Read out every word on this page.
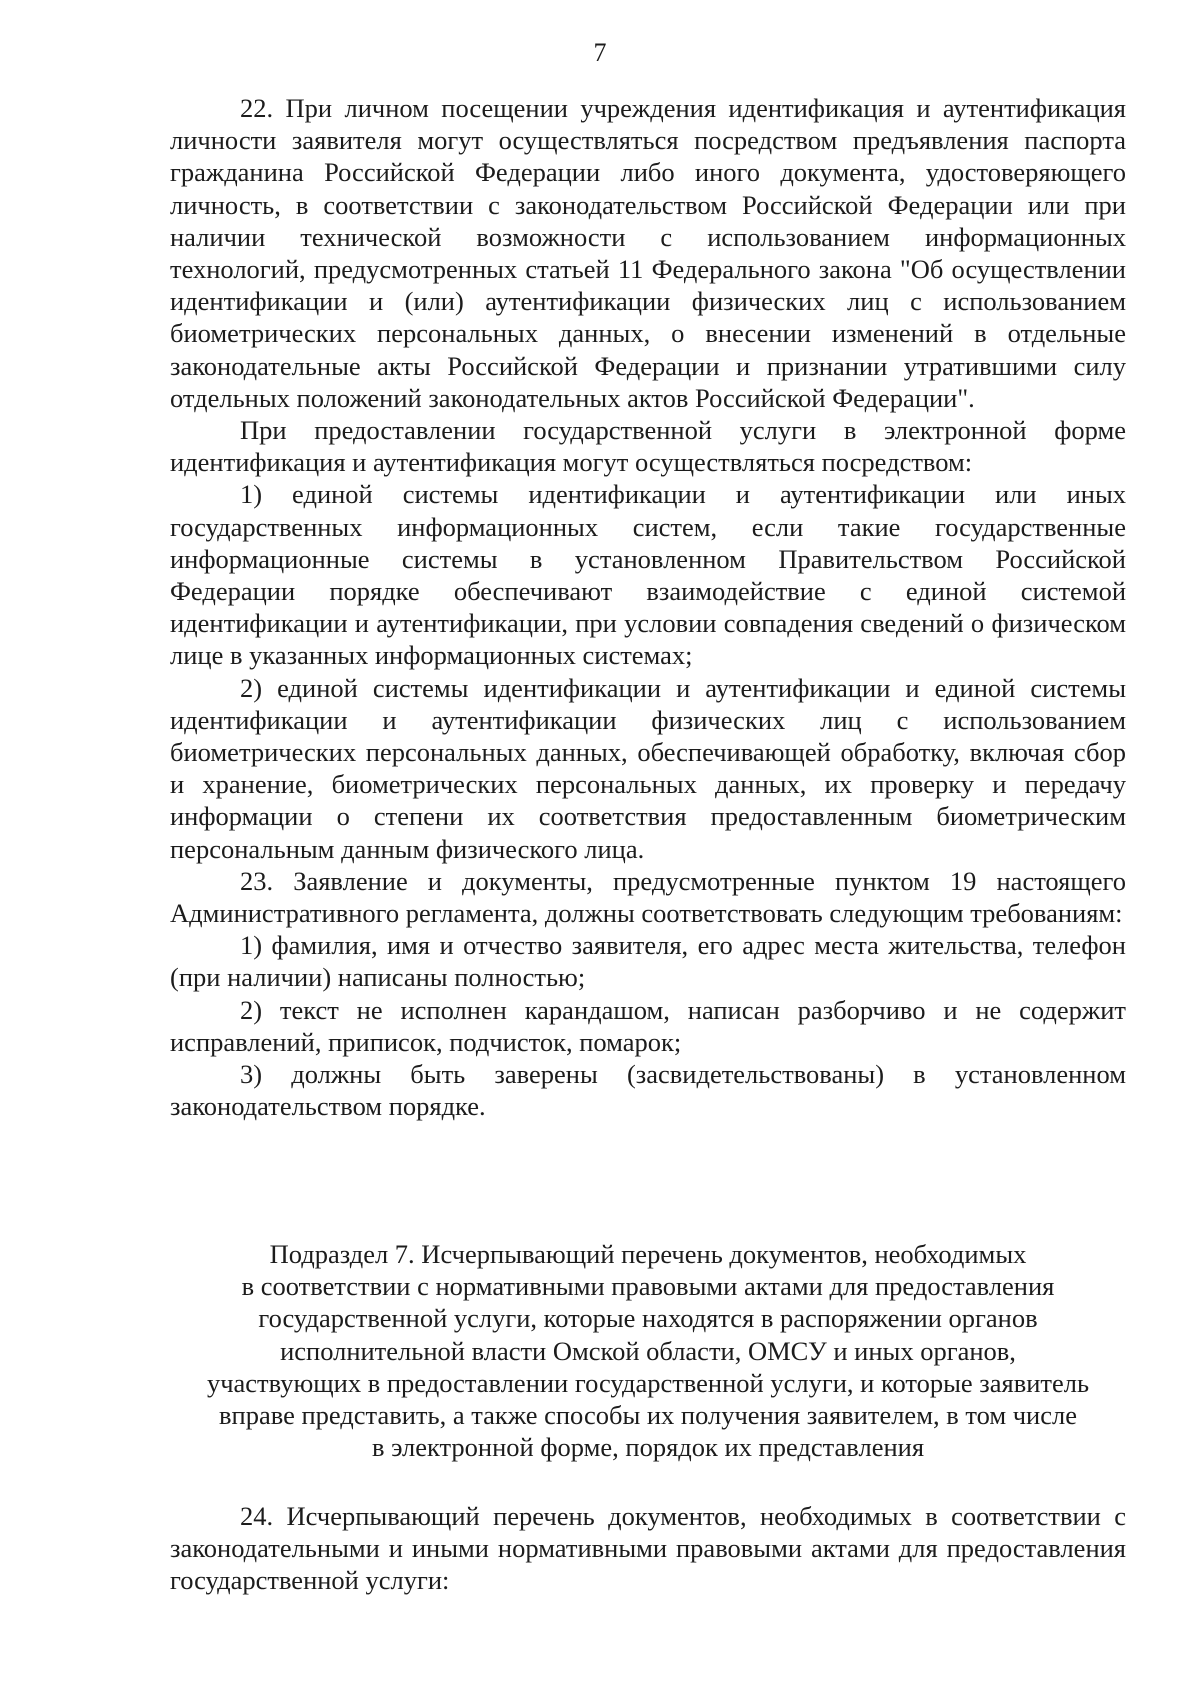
7

22. При личном посещении учреждения идентификация и аутентификация личности заявителя могут осуществляться посредством предъявления паспорта гражданина Российской Федерации либо иного документа, удостоверяющего личность, в соответствии с законодательством Российской Федерации или при наличии технической возможности с использованием информационных технологий, предусмотренных статьей 11 Федерального закона "Об осуществлении идентификации и (или) аутентификации физических лиц с использованием биометрических персональных данных, о внесении изменений в отдельные законодательные акты Российской Федерации и признании утратившими силу отдельных положений законодательных актов Российской Федерации".

При предоставлении государственной услуги в электронной форме идентификация и аутентификация могут осуществляться посредством:

1) единой системы идентификации и аутентификации или иных государственных информационных систем, если такие государственные информационные системы в установленном Правительством Российской Федерации порядке обеспечивают взаимодействие с единой системой идентификации и аутентификации, при условии совпадения сведений о физическом лице в указанных информационных системах;

2) единой системы идентификации и аутентификации и единой системы идентификации и аутентификации физических лиц с использованием биометрических персональных данных, обеспечивающей обработку, включая сбор и хранение, биометрических персональных данных, их проверку и передачу информации о степени их соответствия предоставленным биометрическим персональным данным физического лица.

23. Заявление и документы, предусмотренные пунктом 19 настоящего Административного регламента, должны соответствовать следующим требованиям:

1) фамилия, имя и отчество заявителя, его адрес места жительства, телефон (при наличии) написаны полностью;

2) текст не исполнен карандашом, написан разборчиво и не содержит исправлений, приписок, подчисток, помарок;

3) должны быть заверены (засвидетельствованы) в установленном законодательством порядке.

Подраздел 7. Исчерпывающий перечень документов, необходимых
в соответствии с нормативными правовыми актами для предоставления
государственной услуги, которые находятся в распоряжении органов
исполнительной власти Омской области, ОМСУ и иных органов,
участвующих в предоставлении государственной услуги, и которые заявитель
вправе представить, а также способы их получения заявителем, в том числе
в электронной форме, порядок их представления

24. Исчерпывающий перечень документов, необходимых в соответствии с законодательными и иными нормативными правовыми актами для предоставления государственной услуги:
